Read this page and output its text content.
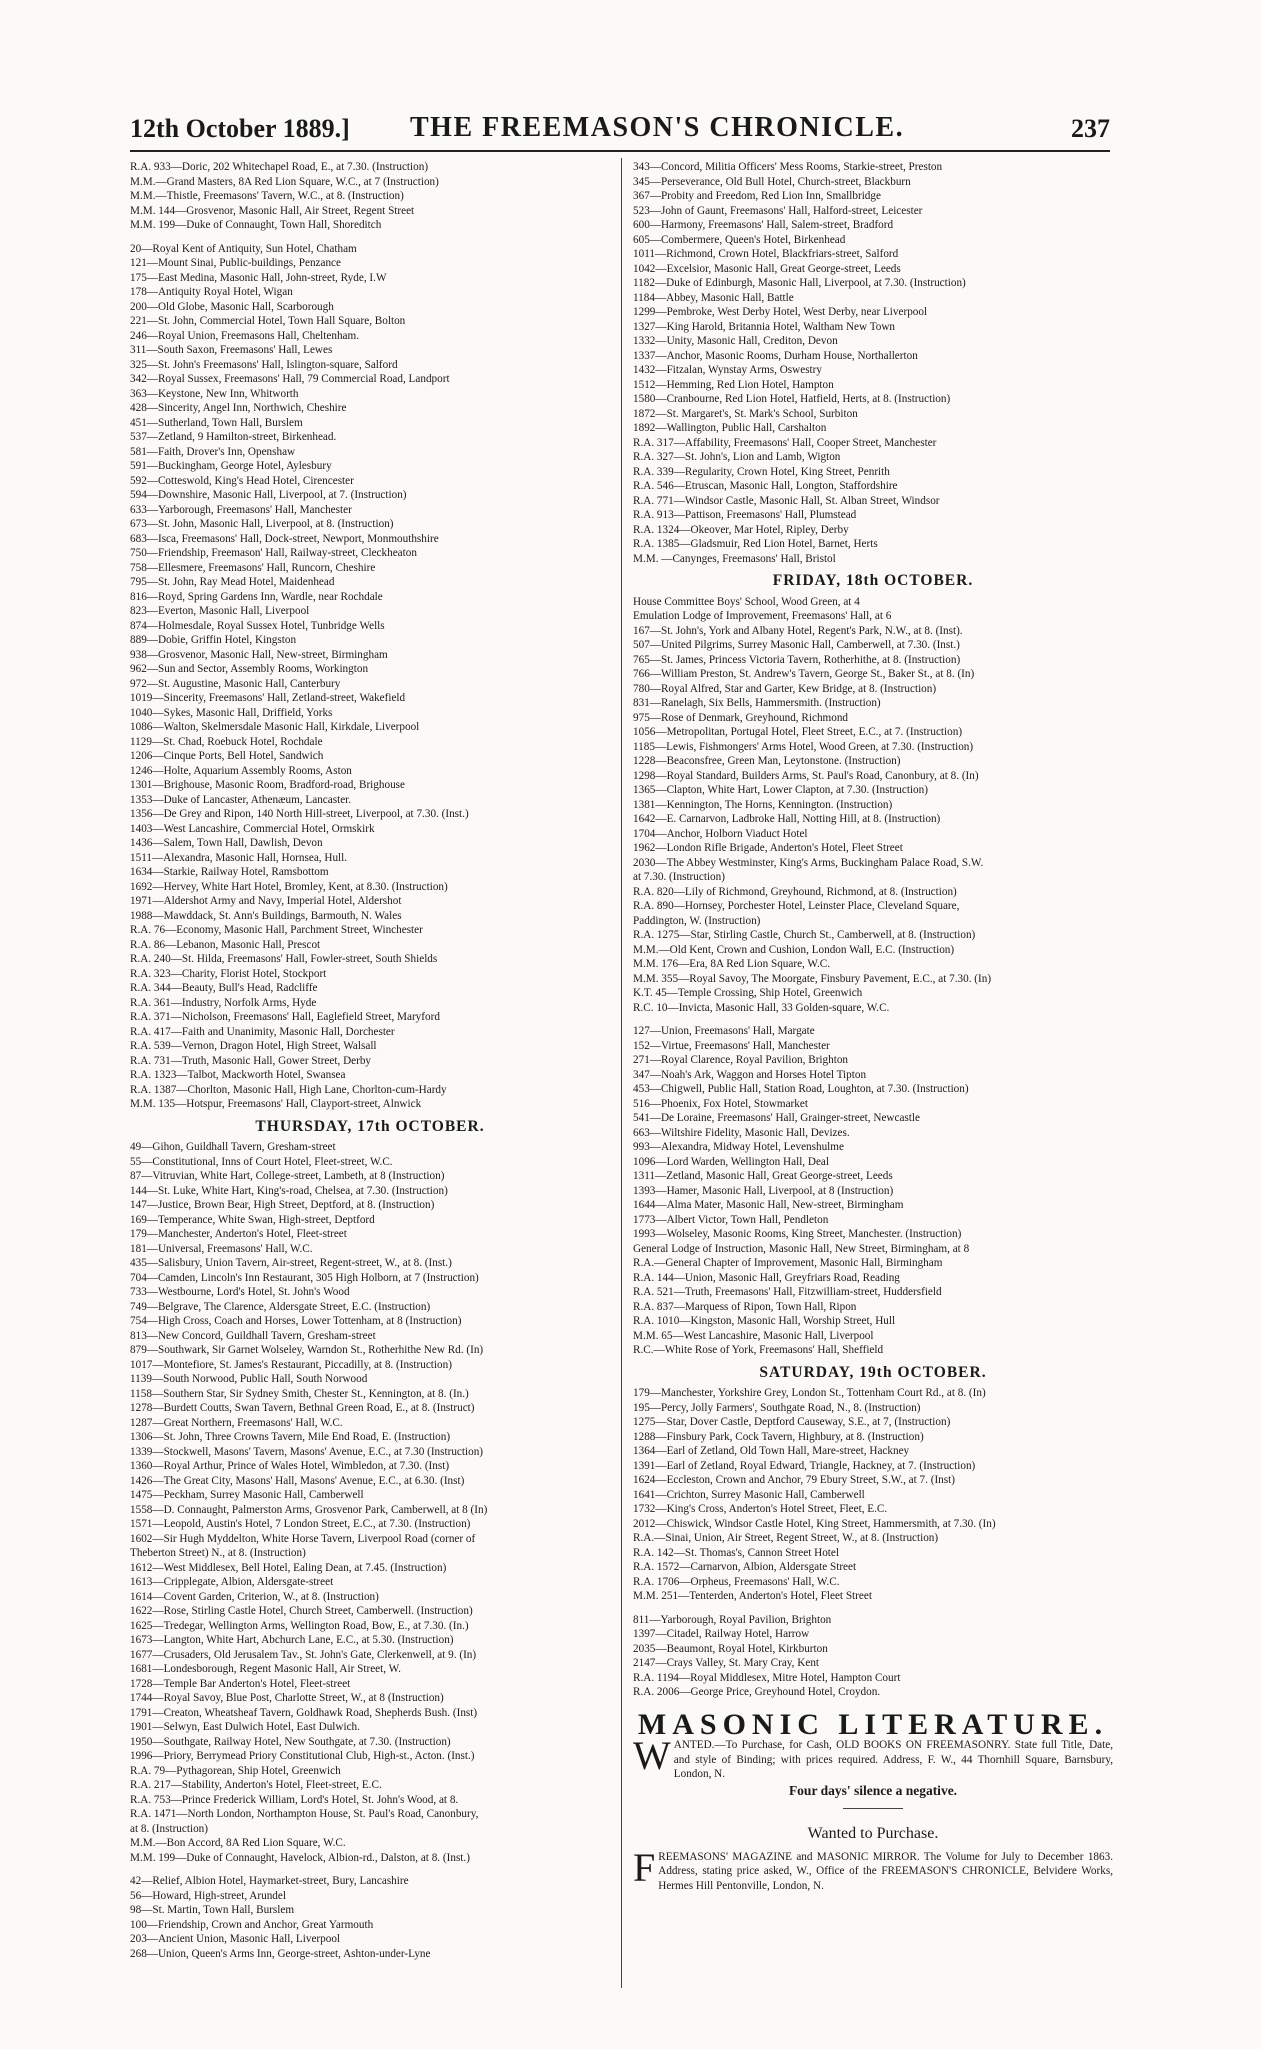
12th October 1889.] THE FREEMASON'S CHRONICLE.	237
R.A. 933—Doric, 202 Whitechapel Road, E., at 7.30. (Instruction)
M.M.—Grand Masters, 8A Red Lion Square, W.C., at 7 (Instruction)
M.M.—Thistle, Freemasons' Tavern, W.C., at 8. (Instruction)
M.M. 144—Grosvenor, Masonic Hall, Air Street, Regent Street
M.M. 199—Duke of Connaught, Town Hall, Shoreditch
20—Royal Kent of Antiquity, Sun Hotel, Chatham
121—Mount Sinai, Public-buildings, Penzance
175—East Medina, Masonic Hall, John-street, Ryde, I.W
178—Antiquity Royal Hotel, Wigan
200—Old Globe, Masonic Hall, Scarborough
221—St. John, Commercial Hotel, Town Hall Square, Bolton
246—Royal Union, Freemasons Hall, Cheltenham.
311—South Saxon, Freemasons' Hall, Lewes
325—St. John's Freemasons' Hall, Islington-square, Salford
342—Royal Sussex, Freemasons' Hall, 79 Commercial Road, Landport
363—Keystone, New Inn, Whitworth
428—Sincerity, Angel Inn, Northwich, Cheshire
451—Sutherland, Town Hall, Burslem
537—Zetland, 9 Hamilton-street, Birkenhead.
581—Faith, Drover's Inn, Openshaw
591—Buckingham, George Hotel, Aylesbury
592—Cotteswold, King's Head Hotel, Cirencester
594—Downshire, Masonic Hall, Liverpool, at 7. (Instruction)
633—Yarborough, Freemasons' Hall, Manchester
673—St. John, Masonic Hall, Liverpool, at 8. (Instruction)
683—Isca, Freemasons' Hall, Dock-street, Newport, Monmouthshire
750—Friendship, Freemason' Hall, Railway-street, Cleckheaton
758—Ellesmere, Freemasons' Hall, Runcorn, Cheshire
795—St. John, Ray Mead Hotel, Maidenhead
816—Royd, Spring Gardens Inn, Wardle, near Rochdale
823—Everton, Masonic Hall, Liverpool
874—Holmesdale, Royal Sussex Hotel, Tunbridge Wells
889—Dobie, Griffin Hotel, Kingston
938—Grosvenor, Masonic Hall, New-street, Birmingham
962—Sun and Sector, Assembly Rooms, Workington
972—St. Augustine, Masonic Hall, Canterbury
1019—Sincerity, Freemasons' Hall, Zetland-street, Wakefield
1040—Sykes, Masonic Hall, Driffield, Yorks
1086—Walton, Skelmersdale Masonic Hall, Kirkdale, Liverpool
1129—St. Chad, Roebuck Hotel, Rochdale
1206—Cinque Ports, Bell Hotel, Sandwich
1246—Holte, Aquarium Assembly Rooms, Aston
1301—Brighouse, Masonic Room, Bradford-road, Brighouse
1353—Duke of Lancaster, Athenæum, Lancaster.
1356—De Grey and Ripon, 140 North Hill-street, Liverpool, at 7.30. (Inst.)
1403—West Lancashire, Commercial Hotel, Ormskirk
1436—Salem, Town Hall, Dawlish, Devon
1511—Alexandra, Masonic Hall, Hornsea, Hull.
1634—Starkie, Railway Hotel, Ramsbottom
1692—Hervey, White Hart Hotel, Bromley, Kent, at 8.30. (Instruction)
1971—Aldershot Army and Navy, Imperial Hotel, Aldershot
1988—Mawddack, St. Ann's Buildings, Barmouth, N. Wales
R.A. 76—Economy, Masonic Hall, Parchment Street, Winchester
R.A. 86—Lebanon, Masonic Hall, Prescot
R.A. 240—St. Hilda, Freemasons' Hall, Fowler-street, South Shields
R.A. 323—Charity, Florist Hotel, Stockport
R.A. 344—Beauty, Bull's Head, Radcliffe
R.A. 361—Industry, Norfolk Arms, Hyde
R.A. 371—Nicholson, Freemasons' Hall, Eaglefield Street, Maryford
R.A. 417—Faith and Unanimity, Masonic Hall, Dorchester
R.A. 539—Vernon, Dragon Hotel, High Street, Walsall
R.A. 731—Truth, Masonic Hall, Gower Street, Derby
R.A. 1323—Talbot, Mackworth Hotel, Swansea
R.A. 1387—Chorlton, Masonic Hall, High Lane, Chorlton-cum-Hardy
M.M. 135—Hotspur, Freemasons' Hall, Clayport-street, Alnwick
THURSDAY, 17th OCTOBER.
49—Gihon, Guildhall Tavern, Gresham-street
55—Constitutional, Inns of Court Hotel, Fleet-street, W.C.
87—Vitruvian, White Hart, College-street, Lambeth, at 8 (Instruction)
144—St. Luke, White Hart, King's-road, Chelsea, at 7.30. (Instruction)
147—Justice, Brown Bear, High Street, Deptford, at 8. (Instruction)
169—Temperance, White Swan, High-street, Deptford
179—Manchester, Anderton's Hotel, Fleet-street
181—Universal, Freemasons' Hall, W.C.
435—Salisbury, Union Tavern, Air-street, Regent-street, W., at 8. (Inst.)
704—Camden, Lincoln's Inn Restaurant, 305 High Holborn, at 7 (Instruction)
733—Westbourne, Lord's Hotel, St. John's Wood
749—Belgrave, The Clarence, Aldersgate Street, E.C. (Instruction)
754—High Cross, Coach and Horses, Lower Tottenham, at 8 (Instruction)
813—New Concord, Guildhall Tavern, Gresham-street
879—Southwark, Sir Garnet Wolseley, Warndon St., Rotherhithe New Rd. (In)
1017—Montefiore, St. James's Restaurant, Piccadilly, at 8. (Instruction)
1139—South Norwood, Public Hall, South Norwood
1158—Southern Star, Sir Sydney Smith, Chester St., Kennington, at 8. (In.)
1278—Burdett Coutts, Swan Tavern, Bethnal Green Road, E., at 8. (Instruct)
1287—Great Northern, Freemasons' Hall, W.C.
1306—St. John, Three Crowns Tavern, Mile End Road, E. (Instruction)
1339—Stockwell, Masons' Tavern, Masons' Avenue, E.C., at 7.30 (Instruction)
1360—Royal Arthur, Prince of Wales Hotel, Wimbledon, at 7.30. (Inst)
1426—The Great City, Masons' Hall, Masons' Avenue, E.C., at 6.30. (Inst)
1475—Peckham, Surrey Masonic Hall, Camberwell
1558—D. Connaught, Palmerston Arms, Grosvenor Park, Camberwell, at 8 (In)
1571—Leopold, Austin's Hotel, 7 London Street, E.C., at 7.30. (Instruction)
1602—Sir Hugh Myddelton, White Horse Tavern, Liverpool Road (corner of
Theberton Street) N., at 8. (Instruction)
1612—West Middlesex, Bell Hotel, Ealing Dean, at 7.45. (Instruction)
1613—Cripplegate, Albion, Aldersgate-street
1614—Covent Garden, Criterion, W., at 8. (Instruction)
1622—Rose, Stirling Castle Hotel, Church Street, Camberwell. (Instruction)
1625—Tredegar, Wellington Arms, Wellington Road, Bow, E., at 7.30. (In.)
1673—Langton, White Hart, Abchurch Lane, E.C., at 5.30. (Instruction)
1677—Crusaders, Old Jerusalem Tav., St. John's Gate, Clerkenwell, at 9. (In)
1681—Londesborough, Regent Masonic Hall, Air Street, W.
1728—Temple Bar Anderton's Hotel, Fleet-street
1744—Royal Savoy, Blue Post, Charlotte Street, W., at 8 (Instruction)
1791—Creaton, Wheatsheaf Tavern, Goldhawk Road, Shepherds Bush. (Inst)
1901—Selwyn, East Dulwich Hotel, East Dulwich.
1950—Southgate, Railway Hotel, New Southgate, at 7.30. (Instruction)
1996—Priory, Berrymead Priory Constitutional Club, High-st., Acton. (Inst.)
R.A. 79—Pythagorean, Ship Hotel, Greenwich
R.A. 217—Stability, Anderton's Hotel, Fleet-street, E.C.
R.A. 753—Prince Frederick William, Lord's Hotel, St. John's Wood, at 8.
R.A. 1471—North London, Northampton House, St. Paul's Road, Canonbury,
at 8. (Instruction)
M.M.—Bon Accord, 8A Red Lion Square, W.C.
M.M. 199—Duke of Connaught, Havelock, Albion-rd., Dalston, at 8. (Inst.)
42—Relief, Albion Hotel, Haymarket-street, Bury, Lancashire
56—Howard, High-street, Arundel
98—St. Martin, Town Hall, Burslem
100—Friendship, Crown and Anchor, Great Yarmouth
203—Ancient Union, Masonic Hall, Liverpool
268—Union, Queen's Arms Inn, George-street, Ashton-under-Lyne
343—Concord, Militia Officers' Mess Rooms, Starkie-street, Preston
345—Perseverance, Old Bull Hotel, Church-street, Blackburn
367—Probity and Freedom, Red Lion Inn, Smallbridge
523—John of Gaunt, Freemasons' Hall, Halford-street, Leicester
600—Harmony, Freemasons' Hall, Salem-street, Bradford
605—Combermere, Queen's Hotel, Birkenhead
1011—Richmond, Crown Hotel, Blackfriars-street, Salford
1042—Excelsior, Masonic Hall, Great George-street, Leeds
1182—Duke of Edinburgh, Masonic Hall, Liverpool, at 7.30. (Instruction)
1184—Abbey, Masonic Hall, Battle
1299—Pembroke, West Derby Hotel, West Derby, near Liverpool
1327—King Harold, Britannia Hotel, Waltham New Town
1332—Unity, Masonic Hall, Crediton, Devon
1337—Anchor, Masonic Rooms, Durham House, Northallerton
1432—Fitzalan, Wynstay Arms, Oswestry
1512—Hemming, Red Lion Hotel, Hampton
1580—Cranbourne, Red Lion Hotel, Hatfield, Herts, at 8. (Instruction)
1872—St. Margaret's, St. Mark's School, Surbiton
1892—Wallington, Public Hall, Carshalton
R.A. 317—Affability, Freemasons' Hall, Cooper Street, Manchester
R.A. 327—St. John's, Lion and Lamb, Wigton
R.A. 339—Regularity, Crown Hotel, King Street, Penrith
R.A. 546—Etruscan, Masonic Hall, Longton, Staffordshire
R.A. 771—Windsor Castle, Masonic Hall, St. Alban Street, Windsor
R.A. 913—Pattison, Freemasons' Hall, Plumstead
R.A. 1324—Okeover, Mar Hotel, Ripley, Derby
R.A. 1385—Gladsmuir, Red Lion Hotel, Barnet, Herts
M.M. —Canynges, Freemasons' Hall, Bristol
FRIDAY, 18th OCTOBER.
House Committee Boys' School, Wood Green, at 4
Emulation Lodge of Improvement, Freemasons' Hall, at 6
167—St. John's, York and Albany Hotel, Regent's Park, N.W., at 8. (Inst).
507—United Pilgrims, Surrey Masonic Hall, Camberwell, at 7.30. (Inst.)
765—St. James, Princess Victoria Tavern, Rotherhithe, at 8. (Instruction)
766—William Preston, St. Andrew's Tavern, George St., Baker St., at 8. (In)
780—Royal Alfred, Star and Garter, Kew Bridge, at 8. (Instruction)
831—Ranelagh, Six Bells, Hammersmith. (Instruction)
975—Rose of Denmark, Greyhound, Richmond
1056—Metropolitan, Portugal Hotel, Fleet Street, E.C., at 7. (Instruction)
1185—Lewis, Fishmongers' Arms Hotel, Wood Green, at 7.30. (Instruction)
1228—Beaconsfree, Green Man, Leytonstone. (Instruction)
1298—Royal Standard, Builders Arms, St. Paul's Road, Canonbury, at 8. (In)
1365—Clapton, White Hart, Lower Clapton, at 7.30. (Instruction)
1381—Kennington, The Horns, Kennington. (Instruction)
1642—E. Carnarvon, Ladbroke Hall, Notting Hill, at 8. (Instruction)
1704—Anchor, Holborn Viaduct Hotel
1962—London Rifle Brigade, Anderton's Hotel, Fleet Street
2030—The Abbey Westminster, King's Arms, Buckingham Palace Road, S.W.
at 7.30. (Instruction)
R.A. 820—Lily of Richmond, Greyhound, Richmond, at 8. (Instruction)
R.A. 890—Hornsey, Porchester Hotel, Leinster Place, Cleveland Square,
Paddington, W. (Instruction)
R.A. 1275—Star, Stirling Castle, Church St., Camberwell, at 8. (Instruction)
M.M.—Old Kent, Crown and Cushion, London Wall, E.C. (Instruction)
M.M. 176—Era, 8A Red Lion Square, W.C.
M.M. 355—Royal Savoy, The Moorgate, Finsbury Pavement, E.C., at 7.30. (In)
K.T. 45—Temple Crossing, Ship Hotel, Greenwich
R.C. 10—Invicta, Masonic Hall, 33 Golden-square, W.C.
127—Union, Freemasons' Hall, Margate
152—Virtue, Freemasons' Hall, Manchester
271—Royal Clarence, Royal Pavilion, Brighton
347—Noah's Ark, Waggon and Horses Hotel Tipton
453—Chigwell, Public Hall, Station Road, Loughton, at 7.30. (Instruction)
516—Phoenix, Fox Hotel, Stowmarket
541—De Loraine, Freemasons' Hall, Grainger-street, Newcastle
663—Wiltshire Fidelity, Masonic Hall, Devizes.
993—Alexandra, Midway Hotel, Levenshulme
1096—Lord Warden, Wellington Hall, Deal
1311—Zetland, Masonic Hall, Great George-street, Leeds
1393—Hamer, Masonic Hall, Liverpool, at 8 (Instruction)
1644—Alma Mater, Masonic Hall, New-street, Birmingham
1773—Albert Victor, Town Hall, Pendleton
1993—Wolseley, Masonic Rooms, King Street, Manchester. (Instruction)
General Lodge of Instruction, Masonic Hall, New Street, Birmingham, at 8
R.A.—General Chapter of Improvement, Masonic Hall, Birmingham
R.A. 144—Union, Masonic Hall, Greyfriars Road, Reading
R.A. 521—Truth, Freemasons' Hall, Fitzwilliam-street, Huddersfield
R.A. 837—Marquess of Ripon, Town Hall, Ripon
R.A. 1010—Kingston, Masonic Hall, Worship Street, Hull
M.M. 65—West Lancashire, Masonic Hall, Liverpool
R.C.—White Rose of York, Freemasons' Hall, Sheffield
SATURDAY, 19th OCTOBER.
179—Manchester, Yorkshire Grey, London St., Tottenham Court Rd., at 8. (In)
195—Percy, Jolly Farmers', Southgate Road, N., 8. (Instruction)
1275—Star, Dover Castle, Deptford Causeway, S.E., at 7, (Instruction)
1288—Finsbury Park, Cock Tavern, Highbury, at 8. (Instruction)
1364—Earl of Zetland, Old Town Hall, Mare-street, Hackney
1391—Earl of Zetland, Royal Edward, Triangle, Hackney, at 7. (Instruction)
1624—Eccleston, Crown and Anchor, 79 Ebury Street, S.W., at 7. (Inst)
1641—Crichton, Surrey Masonic Hall, Camberwell
1732—King's Cross, Anderton's Hotel Street, Fleet, E.C.
2012—Chiswick, Windsor Castle Hotel, King Street, Hammersmith, at 7.30. (In)
R.A.—Sinai, Union, Air Street, Regent Street, W., at 8. (Instruction)
R.A. 142—St. Thomas's, Cannon Street Hotel
R.A. 1572—Carnarvon, Albion, Aldersgate Street
R.A. 1706—Orpheus, Freemasons' Hall, W.C.
M.M. 251—Tenterden, Anderton's Hotel, Fleet Street
811—Yarborough, Royal Pavilion, Brighton
1397—Citadel, Railway Hotel, Harrow
2035—Beaumont, Royal Hotel, Kirkburton
2147—Crays Valley, St. Mary Cray, Kent
R.A. 1194—Royal Middlesex, Mitre Hotel, Hampton Court
R.A. 2006—George Price, Greyhound Hotel, Croydon.
MASONIC LITERATURE.
WANTED.—To Purchase, for Cash, OLD BOOKS ON FREEMASONRY. State full Title, Date, and style of Binding; with prices required. Address, F. W., 44 Thornhill Square, Barnsbury, London, N.
Four days' silence a negative.
Wanted to Purchase.
FREEMASONS' MAGAZINE and MASONIC MIRROR. The Volume for July to December 1863. Address, stating price asked, W., Office of the FREEMASON'S CHRONICLE, Belvidere Works, Hermes Hill Pentonville, London, N.
